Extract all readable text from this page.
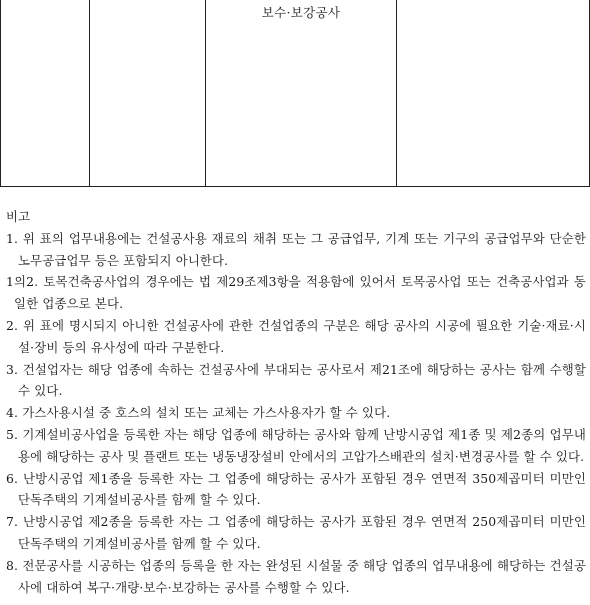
보수·보강공사

비고

1. 위 표의 업무내용에는 건설공사용 재료의 채취 또는 그 공급업무, 기계 또는 기구의 공급업무와 단순한 노무공급업무 등은 포함되지 아니한다.

1의2. 토목건축공사업의 경우에는 법 제29조제3항을 적용함에 있어서 토목공사업 또는 건축공사업과 동일한 업종으로 본다.

2. 위 표에 명시되지 아니한 건설공사에 관한 건설업종의 구분은 해당 공사의 시공에 필요한 기술·재료·시설·장비 등의 유사성에 따라 구분한다.

3. 건설업자는 해당 업종에 속하는 건설공사에 부대되는 공사로서 제21조에 해당하는 공사는 함께 수행할 수 있다.

4. 가스사용시설 중 호스의 설치 또는 교체는 가스사용자가 할 수 있다.

5. 기계설비공사업을 등록한 자는 해당 업종에 해당하는 공사와 함께 난방시공업 제1종 및 제2종의 업무내용에 해당하는 공사 및 플랜트 또는 냉동냉장설비 안에서의 고압가스배관의 설치·변경공사를 할 수 있다.

6. 난방시공업 제1종을 등록한 자는 그 업종에 해당하는 공사가 포함된 경우 연면적 350제곱미터 미만인 단독주택의 기계설비공사를 함께 할 수 있다.

7. 난방시공업 제2종을 등록한 자는 그 업종에 해당하는 공사가 포함된 경우 연면적 250제곱미터 미만인 단독주택의 기계설비공사를 함께 할 수 있다.

8. 전문공사를 시공하는 업종의 등록을 한 자는 완성된 시설물 중 해당 업종의 업무내용에 해당하는 건설공사에 대하여 복구·개량·보수·보강하는 공사를 수행할 수 있다.
